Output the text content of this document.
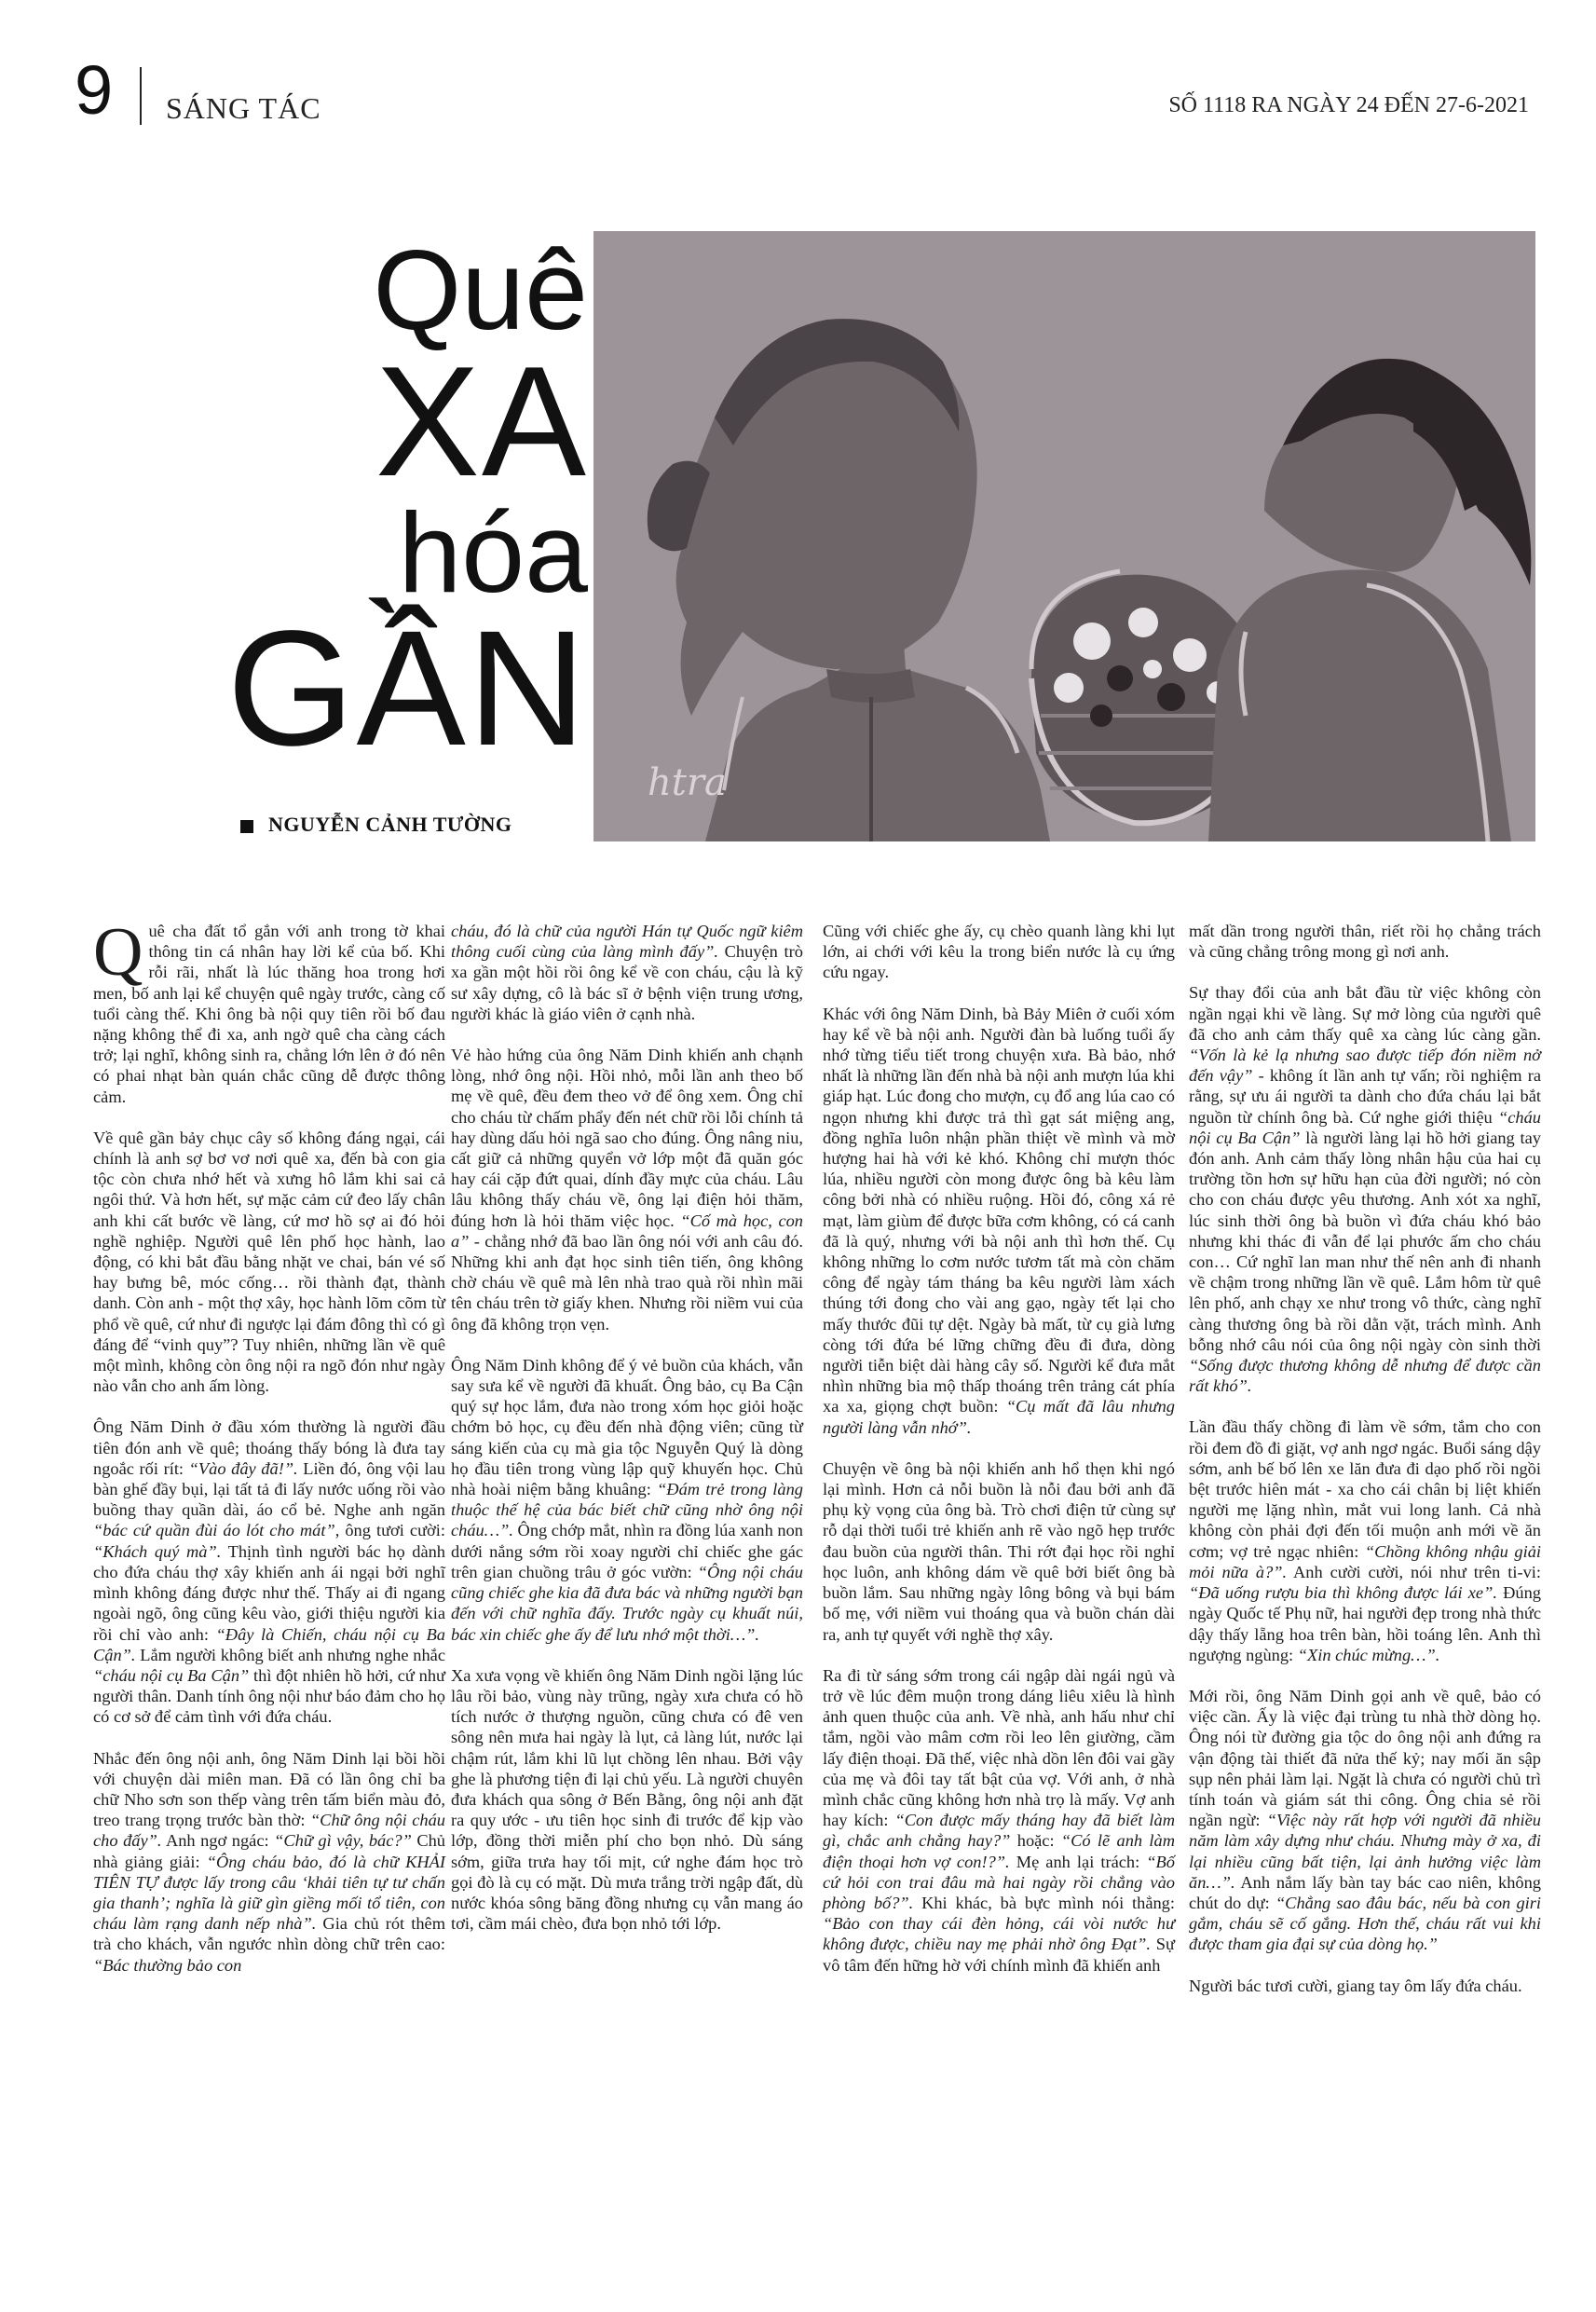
9 SÁNG TÁC	SỐ 1118 RA NGÀY 24 ĐẾN 27-6-2021
Quê
XA
hóa
GẦN
NGUYỄN CẢNH TƯỜNG
htra

Quê cha đất tổ gắn với anh trong tờ khai thông tin cá nhân hay lời kể của bố. Khi rỗi rãi, nhất là lúc thăng hoa trong hơi men, bố anh lại kể chuyện quê ngày trước, càng cố tuổi càng thế. Khi ông bà nội quy tiên rồi bố đau nặng không thể đi xa, anh ngờ quê cha càng cách trở; lại nghĩ, không sinh ra, chẳng lớn lên ở đó nên có phai nhạt bàn quán chắc cũng dễ được thông cảm.

Về quê gần bảy chục cây số không đáng ngại, cái chính là anh sợ bơ vơ nơi quê xa, đến bà con gia tộc còn chưa nhớ hết và xưng hô lắm khi sai cả ngôi thứ. Và hơn hết, sự mặc cảm cứ đeo lấy chân anh khi cất bước về làng, cứ mơ hồ sợ ai đó hỏi nghề nghiệp. Người quê lên phố học hành, lao động, có khi bắt đầu bằng nhặt ve chai, bán vé số hay bưng bê, móc cống… rồi thành đạt, thành danh. Còn anh - một thợ xây, học hành lõm cõm từ phổ về quê, cứ như đi ngược lại đám đông thì có gì đáng để “vinh quy”? Tuy nhiên, những lần về quê một mình, không còn ông nội ra ngõ đón như ngày nào vẫn cho anh ấm lòng.

Ông Năm Dinh ở đầu xóm thường là người đầu tiên đón anh về quê; thoáng thấy bóng là đưa tay ngoắc rối rít: “Vào đây đã!”. Liền đó, ông vội lau bàn ghế đầy bụi, lại tất tả đi lấy nước uống rồi vào buồng thay quần dài, áo cổ bẻ. Nghe anh ngăn “bác cứ quần đùi áo lót cho mát”, ông tươi cười: “Khách quý mà”. Thịnh tình người bác họ dành cho đứa cháu thợ xây khiến anh ái ngại bởi nghĩ mình không đáng được như thế. Thấy ai đi ngang ngoài ngõ, ông cũng kêu vào, giới thiệu người kia rồi chỉ vào anh: “Đây là Chiến, cháu nội cụ Ba Cận”. Lắm người không biết anh nhưng nghe nhắc “cháu nội cụ Ba Cận” thì đột nhiên hồ hởi, cứ như người thân. Danh tính ông nội như báo đảm cho họ có cơ sở để cảm tình với đứa cháu.

Nhắc đến ông nội anh, ông Năm Dinh lại bồi hồi với chuyện dài miên man. Đã có lần ông chỉ ba chữ Nho sơn son thếp vàng trên tấm biển màu đỏ, treo trang trọng trước bàn thờ: “Chữ ông nội cháu cho đấy”. Anh ngơ ngác: “Chữ gì vậy, bác?” Chủ nhà giảng giải: “Ông cháu bảo, đó là chữ KHẢI TIÊN TỰ được lấy trong câu ‘khải tiên tự tư chấn gia thanh’; nghĩa là giữ gìn giềng mối tổ tiên, con cháu làm rạng danh nếp nhà”. Gia chủ rót thêm trà cho khách, vẫn ngước nhìn dòng chữ trên cao: “Bác thường bảo con

cháu, đó là chữ của người Hán tự Quốc ngữ kiêm thông cuối cùng của làng mình đấy”. Chuyện trò xa gần một hồi rồi ông kể về con cháu, cậu là kỹ sư xây dựng, cô là bác sĩ ở bệnh viện trung ương, người khác là giáo viên ở cạnh nhà.

Vẻ hào hứng của ông Năm Dinh khiến anh chạnh lòng, nhớ ông nội. Hồi nhỏ, mỗi lần anh theo bố mẹ về quê, đều đem theo vở để ông xem. Ông chỉ cho cháu từ chấm phẩy đến nét chữ rồi lỗi chính tả hay dùng dấu hỏi ngã sao cho đúng. Ông nâng niu, cất giữ cả những quyển vở lớp một đã quăn góc hay cái cặp đứt quai, dính đầy mực của cháu. Lâu lâu không thấy cháu về, ông lại điện hỏi thăm, đúng hơn là hỏi thăm việc học. “Cố mà học, con a” - chẳng nhớ đã bao lần ông nói với anh câu đó. Những khi anh đạt học sinh tiên tiến, ông không chờ cháu về quê mà lên nhà trao quà rồi nhìn mãi tên cháu trên tờ giấy khen. Nhưng rồi niềm vui của ông đã không trọn vẹn.

Ông Năm Dinh không để ý vẻ buồn của khách, vẫn say sưa kể về người đã khuất. Ông bảo, cụ Ba Cận quý sự học lắm, đưa nào trong xóm học giỏi hoặc chớm bỏ học, cụ đều đến nhà động viên; cũng từ sáng kiến của cụ mà gia tộc Nguyễn Quý là dòng họ đầu tiên trong vùng lập quỹ khuyến học. Chủ nhà hoài niệm bằng khuâng: “Đám trẻ trong làng thuộc thế hệ của bác biết chữ cũng nhờ ông nội cháu…”. Ông chớp mắt, nhìn ra đồng lúa xanh non dưới nắng sớm rồi xoay người chỉ chiếc ghe gác trên gian chuồng trâu ở góc vườn: “Ông nội cháu cũng chiếc ghe kia đã đưa bác và những người bạn đến với chữ nghĩa đấy. Trước ngày cụ khuất núi, bác xin chiếc ghe ấy để lưu nhớ một thời…”.

Xa xưa vọng về khiến ông Năm Dinh ngồi lặng lúc lâu rồi bảo, vùng này trũng, ngày xưa chưa có hồ tích nước ở thượng nguồn, cũng chưa có đê ven sông nên mưa hai ngày là lụt, cả làng lút, nước lại chậm rút, lắm khi lũ lụt chồng lên nhau. Bởi vậy ghe là phương tiện đi lại chủ yếu. Là người chuyên đưa khách qua sông ở Bến Bằng, ông nội anh đặt ra quy ước - ưu tiên học sinh đi trước để kịp vào lớp, đồng thời miễn phí cho bọn nhỏ. Dù sáng sớm, giữa trưa hay tối mịt, cứ nghe đám học trò gọi đò là cụ có mặt. Dù mưa trắng trời ngập đất, dù nước khóa sông băng đồng nhưng cụ vẫn mang áo tơi, cầm mái chèo, đưa bọn nhỏ tới lớp.

Cũng với chiếc ghe ấy, cụ chèo quanh làng khi lụt lớn, ai chới với kêu la trong biển nước là cụ ứng cứu ngay.

Khác với ông Năm Dinh, bà Bảy Miên ở cuối xóm hay kể về bà nội anh. Người đàn bà luống tuổi ấy nhớ từng tiểu tiết trong chuyện xưa. Bà bảo, nhớ nhất là những lần đến nhà bà nội anh mượn lúa khi giáp hạt. Lúc đong cho mượn, cụ đổ ang lúa cao có ngọn nhưng khi được trả thì gạt sát miệng ang, đồng nghĩa luôn nhận phần thiệt về mình và mờ hượng hai hà với kẻ khó. Không chỉ mượn thóc lúa, nhiều người còn mong được ông bà kêu làm công bởi nhà có nhiều ruộng. Hồi đó, công xá rẻ mạt, làm giùm để được bữa cơm không, có cá canh đã là quý, nhưng với bà nội anh thì hơn thế. Cụ không những lo cơm nước tươm tất mà còn chăm công để ngày tám tháng ba kêu người làm xách thúng tới đong cho vài ang gạo, ngày tết lại cho mấy thước đũi tự dệt. Ngày bà mất, từ cụ già lưng còng tới đứa bé lững chững đều đi đưa, dòng người tiễn biệt dài hàng cây số. Người kể đưa mắt nhìn những bia mộ thấp thoáng trên trảng cát phía xa xa, giọng chợt buồn: “Cụ mất đã lâu nhưng người làng vẫn nhớ”.

Chuyện về ông bà nội khiến anh hổ thẹn khi ngó lại mình. Hơn cả nỗi buồn là nỗi đau bởi anh đã phụ kỳ vọng của ông bà. Trò chơi điện tử cùng sự rỗ dại thời tuổi trẻ khiến anh rẽ vào ngõ hẹp trước đau buồn của người thân. Thi rớt đại học rồi nghỉ học luôn, anh không dám về quê bởi biết ông bà buồn lắm. Sau những ngày lông bông và bụi bám bố mẹ, với niềm vui thoáng qua và buồn chán dài ra, anh tự quyết với nghề thợ xây.

Ra đi từ sáng sớm trong cái ngập dài ngái ngủ và trở về lúc đêm muộn trong dáng liêu xiêu là hình ảnh quen thuộc của anh. Về nhà, anh hấu như chỉ tắm, ngồi vào mâm cơm rồi leo lên giường, cầm lấy điện thoại. Đã thế, việc nhà dồn lên đôi vai gầy của mẹ và đôi tay tất bật của vợ. Với anh, ở nhà mình chắc cũng không hơn nhà trọ là mấy. Vợ anh hay kích: “Con được mấy tháng hay đã biết làm gì, chắc anh chẳng hay?” hoặc: “Có lẽ anh làm điện thoại hơn vợ con!?”. Mẹ anh lại trách: “Bố cứ hỏi con trai đâu mà hai ngày rồi chẳng vào phòng bố?”. Khi khác, bà bực mình nói thẳng: “Bảo con thay cái đèn hỏng, cái vòi nước hư không được, chiều nay mẹ phải nhờ ông Đạt”. Sự vô tâm đến hững hờ với chính mình đã khiến anh

mất dần trong người thân, riết rồi họ chẳng trách và cũng chẳng trông mong gì nơi anh.

Sự thay đổi của anh bắt đầu từ việc không còn ngần ngại khi về làng. Sự mở lòng của người quê đã cho anh cảm thấy quê xa càng lúc càng gần. “Vốn là kẻ lạ nhưng sao được tiếp đón niềm nở đến vậy” - không ít lần anh tự vấn; rồi nghiệm ra rằng, sự ưu ái người ta dành cho đứa cháu lại bắt nguồn từ chính ông bà. Cứ nghe giới thiệu “cháu nội cụ Ba Cận” là người làng lại hồ hởi giang tay đón anh. Anh cảm thấy lòng nhân hậu của hai cụ trường tồn hơn sự hữu hạn của đời người; nó còn cho con cháu được yêu thương. Anh xót xa nghĩ, lúc sinh thời ông bà buồn vì đứa cháu khó bảo nhưng khi thác đi vẫn để lại phước ấm cho cháu con… Cứ nghĩ lan man như thế nên anh đi nhanh về chậm trong những lần về quê. Lắm hôm từ quê lên phố, anh chạy xe như trong vô thức, càng nghĩ càng thương ông bà rồi dằn vặt, trách mình. Anh bỗng nhớ câu nói của ông nội ngày còn sinh thời “Sống được thương không dễ nhưng để được cần rất khó”.

Lần đầu thấy chồng đi làm về sớm, tắm cho con rồi đem đồ đi giặt, vợ anh ngơ ngác. Buổi sáng dậy sớm, anh bế bố lên xe lăn đưa đi dạo phố rồi ngồi bệt trước hiên mát - xa cho cái chân bị liệt khiến người mẹ lặng nhìn, mắt vui long lanh. Cả nhà không còn phải đợi đến tối muộn anh mới về ăn cơm; vợ trẻ ngạc nhiên: “Chồng không nhậu giải mỏi nữa à?”. Anh cười cười, nói như trên ti-vi: “Đã uống rượu bia thì không được lái xe”. Đúng ngày Quốc tế Phụ nữ, hai người đẹp trong nhà thức dậy thấy lẵng hoa trên bàn, hồi toáng lên. Anh thì ngượng ngùng: “Xin chúc mừng…”.

Mới rồi, ông Năm Dinh gọi anh về quê, bảo có việc cần. Ấy là việc đại trùng tu nhà thờ dòng họ. Ông nói từ đường gia tộc do ông nội anh đứng ra vận động tài thiết đã nửa thế kỷ; nay mối ăn sập sụp nên phải làm lại. Ngặt là chưa có người chủ trì tính toán và giám sát thi công. Ông chia sẻ rồi ngần ngừ: “Việc này rất hợp với người đã nhiều năm làm xây dựng như cháu. Nhưng mày ở xa, đi lại nhiều cũng bất tiện, lại ảnh hưởng việc làm ăn…”. Anh nắm lấy bàn tay bác cao niên, không chút do dự: “Chẳng sao đâu bác, nếu bà con giri gắm, cháu sẽ cố gắng. Hơn thế, cháu rất vui khi được tham gia đại sự của dòng họ.”

Người bác tươi cười, giang tay ôm lấy đứa cháu.
